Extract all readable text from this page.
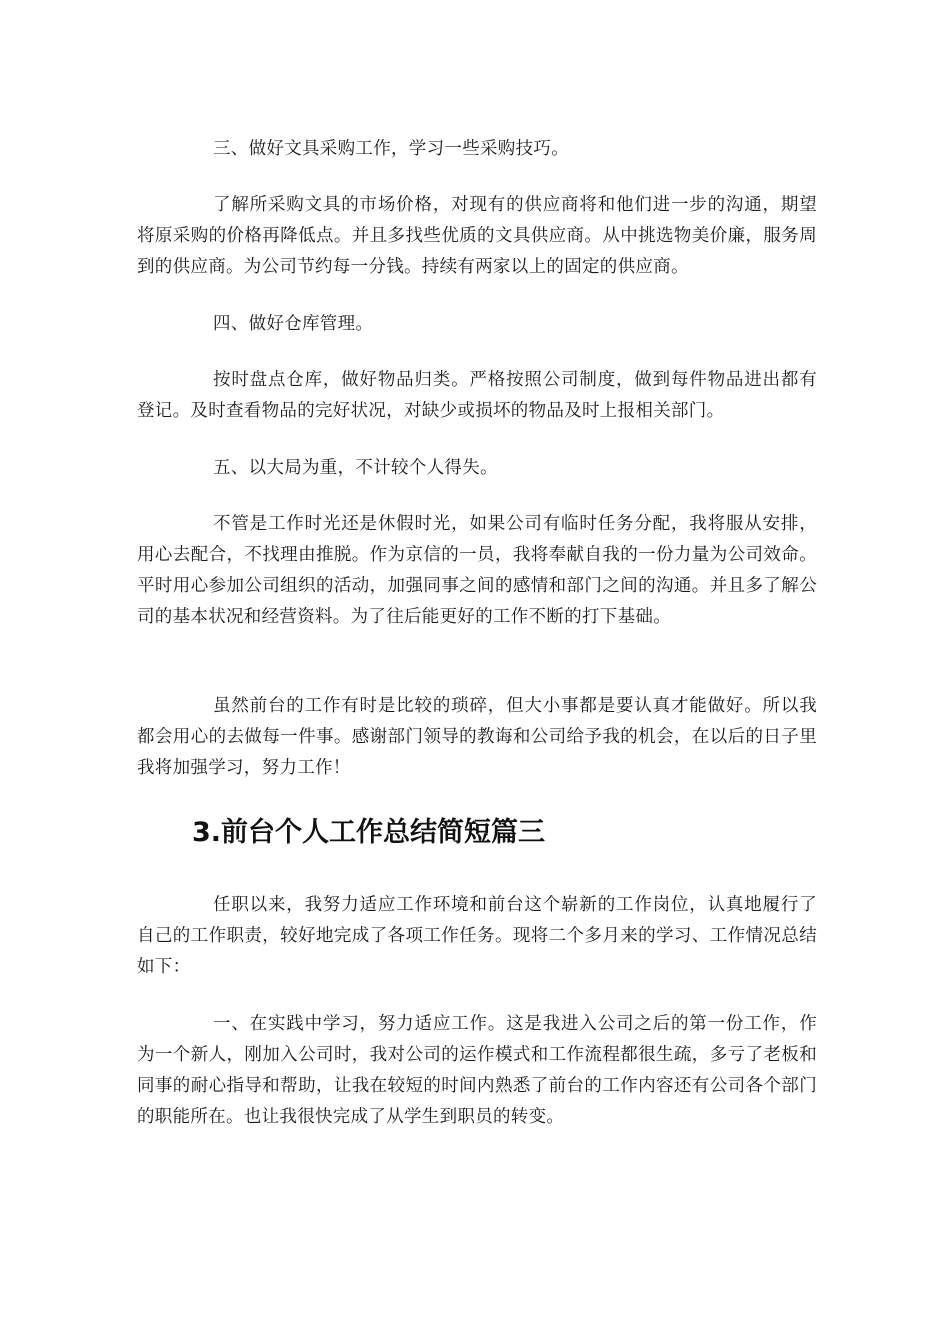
三、做好文具采购工作，学习一些采购技巧。

了解所采购文具的市场价格，对现有的供应商将和他们进一步的沟通，期望将原采购的价格再降低点。并且多找些优质的文具供应商。从中挑选物美价廉，服务周到的供应商。为公司节约每一分钱。持续有两家以上的固定的供应商。

四、做好仓库管理。

按时盘点仓库，做好物品归类。严格按照公司制度，做到每件物品进出都有登记。及时查看物品的完好状况，对缺少或损坏的物品及时上报相关部门。

五、以大局为重，不计较个人得失。

不管是工作时光还是休假时光，如果公司有临时任务分配，我将服从安排，用心去配合，不找理由推脱。作为京信的一员，我将奉献自我的一份力量为公司效命。平时用心参加公司组织的活动，加强同事之间的感情和部门之间的沟通。并且多了解公司的基本状况和经营资料。为了往后能更好的工作不断的打下基础。

虽然前台的工作有时是比较的琐碎，但大小事都是要认真才能做好。所以我都会用心的去做每一件事。感谢部门领导的教诲和公司给予我的机会，在以后的日子里我将加强学习，努力工作！

3.前台个人工作总结简短篇三

任职以来，我努力适应工作环境和前台这个崭新的工作岗位，认真地履行了自己的工作职责，较好地完成了各项工作任务。现将二个多月来的学习、工作情况总结如下：

一、在实践中学习，努力适应工作。这是我进入公司之后的第一份工作，作为一个新人，刚加入公司时，我对公司的运作模式和工作流程都很生疏，多亏了老板和同事的耐心指导和帮助，让我在较短的时间内熟悉了前台的工作内容还有公司各个部门的职能所在。也让我很快完成了从学生到职员的转变。
